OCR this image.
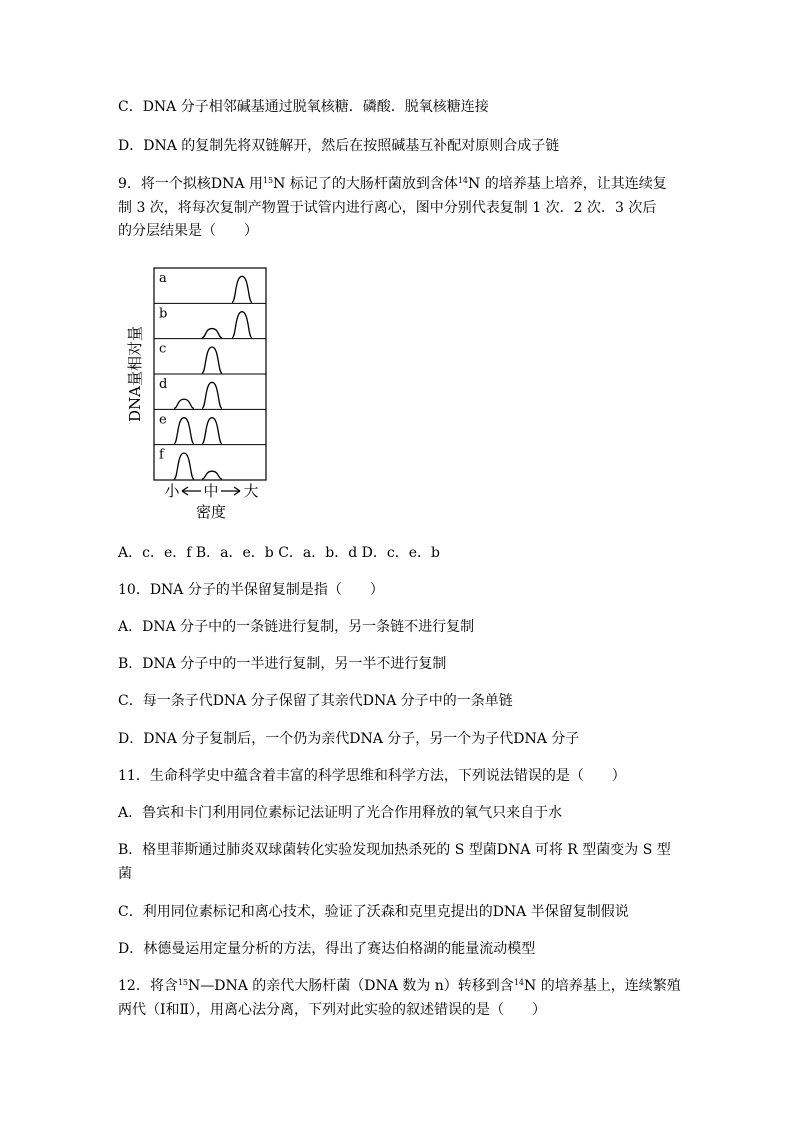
C．DNA 分子相邻碱基通过脱氧核糖．磷酸．脱氧核糖连接
D．DNA 的复制先将双链解开，然后在按照碱基互补配对原则合成子链
9．将一个拟核DNA 用$^{15}$N 标记了的大肠杆菌放到含体$^{14}$N 的培养基上培养，让其连续复
制 3 次，将每次复制产物置于试管内进行离心，图中分别代表复制 1 次．2 次．3 次后
的分层结果是（　　）
a
b
c
d
e
f
DNA量相对量
小 中 大
密度
A．c．e．f B．a．e．b C．a．b．d D．c．e．b
10．DNA 分子的半保留复制是指（　　）
A．DNA 分子中的一条链进行复制，另一条链不进行复制
B．DNA 分子中的一半进行复制，另一半不进行复制
C．每一条子代DNA 分子保留了其亲代DNA 分子中的一条单链
D．DNA 分子复制后，一个仍为亲代DNA 分子，另一个为子代DNA 分子
11．生命科学史中蕴含着丰富的科学思维和科学方法，下列说法错误的是（　　）
A．鲁宾和卡门利用同位素标记法证明了光合作用释放的氧气只来自于水
B．格里菲斯通过肺炎双球菌转化实验发现加热杀死的 S 型菌DNA 可将 R 型菌变为 S 型
菌
C．利用同位素标记和离心技术，验证了沃森和克里克提出的DNA 半保留复制假说
D．林德曼运用定量分析的方法，得出了赛达伯格湖的能量流动模型
12．将含$^{15}$N—DNA 的亲代大肠杆菌（DNA 数为 n）转移到含$^{14}$N 的培养基上，连续繁殖
两代（Ⅰ和Ⅱ），用离心法分离，下列对此实验的叙述错误的是（　　）
